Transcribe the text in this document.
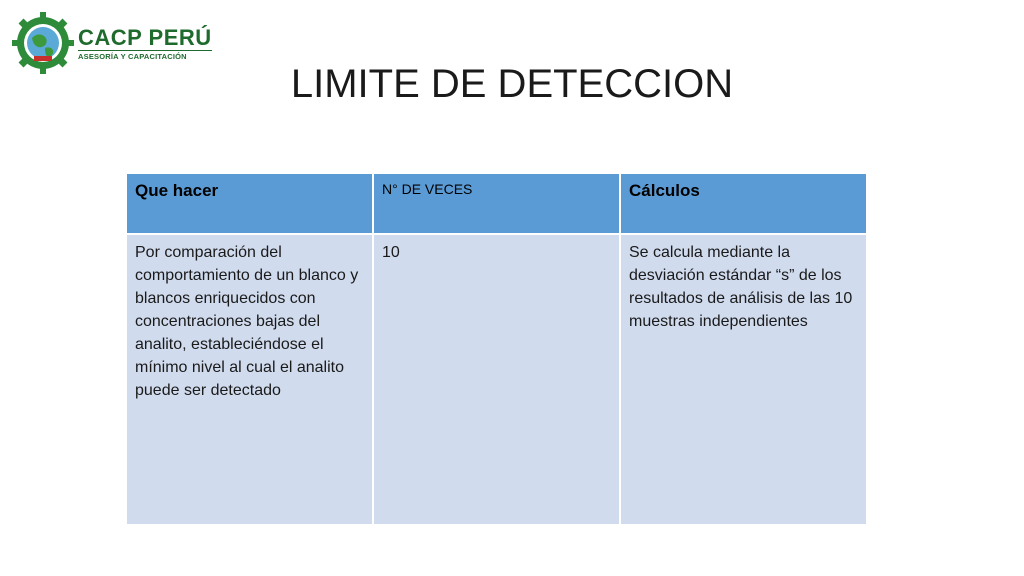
CACP PERÚ
ASESORÍA Y CAPACITACIÓN
LIMITE DE DETECCION
Que hacer	N° DE VECES	Cálculos
Por comparación del comportamiento de un blanco y blancos enriquecidos con concentraciones bajas del analito, estableciéndose el mínimo nivel al cual el analito puede ser detectado	10	Se calcula mediante la desviación estándar “s” de los resultados de análisis de las 10 muestras independientes
